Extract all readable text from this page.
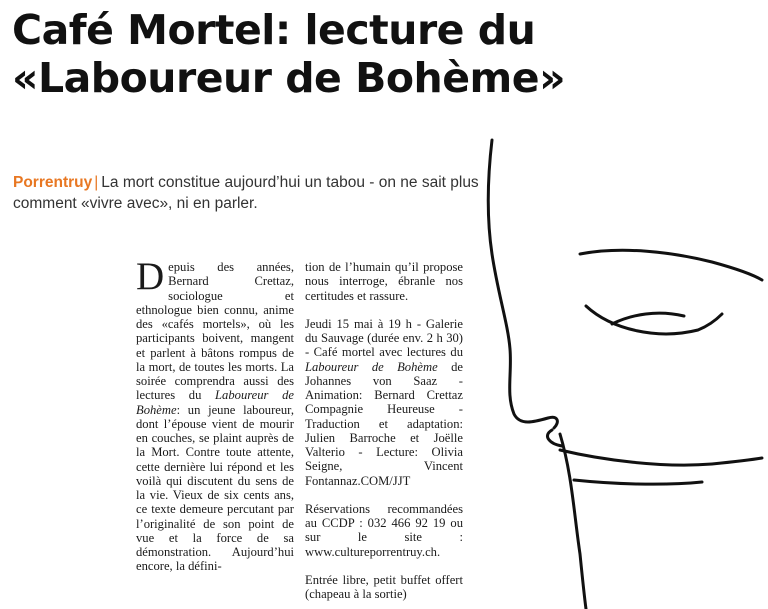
Café Mortel: lecture du
«Laboureur de Bohème»
Porrentruy | La mort constitue aujourd’hui un tabou - on ne sait plus comment «vivre avec», ni en parler.

Depuis des années, Bernard Crettaz, sociologue et ethnologue bien connu, anime des «cafés mortels», où les participants boivent, mangent et parlent à bâtons rompus de la mort, de toutes les morts. La soirée comprendra aussi des lectures du Laboureur de Bohème: un jeune laboureur, dont l’épouse vient de mourir en couches, se plaint auprès de la Mort. Contre toute attente, cette dernière lui répond et les voilà qui discutent du sens de la vie. Vieux de six cents ans, ce texte demeure percutant par l’originalité de son point de vue et la force de sa démonstration. Aujourd’hui encore, la défini-

tion de l’humain qu’il propose nous interroge, ébranle nos certitudes et rassure.

Jeudi 15 mai à 19 h - Galerie du Sauvage (durée env. 2 h 30) - Café mortel avec lectures du Laboureur de Bohème de Johannes von Saaz - Animation: Bernard Crettaz Compagnie Heureuse - Traduction et adaptation: Julien Barroche et Joëlle Valterio - Lecture: Olivia Seigne, Vincent Fontannaz.COM/JJT

Réservations recommandées au CCDP : 032 466 92 19 ou sur le site : www.cultureporrentruy.ch.

Entrée libre, petit buffet offert (chapeau à la sortie)
